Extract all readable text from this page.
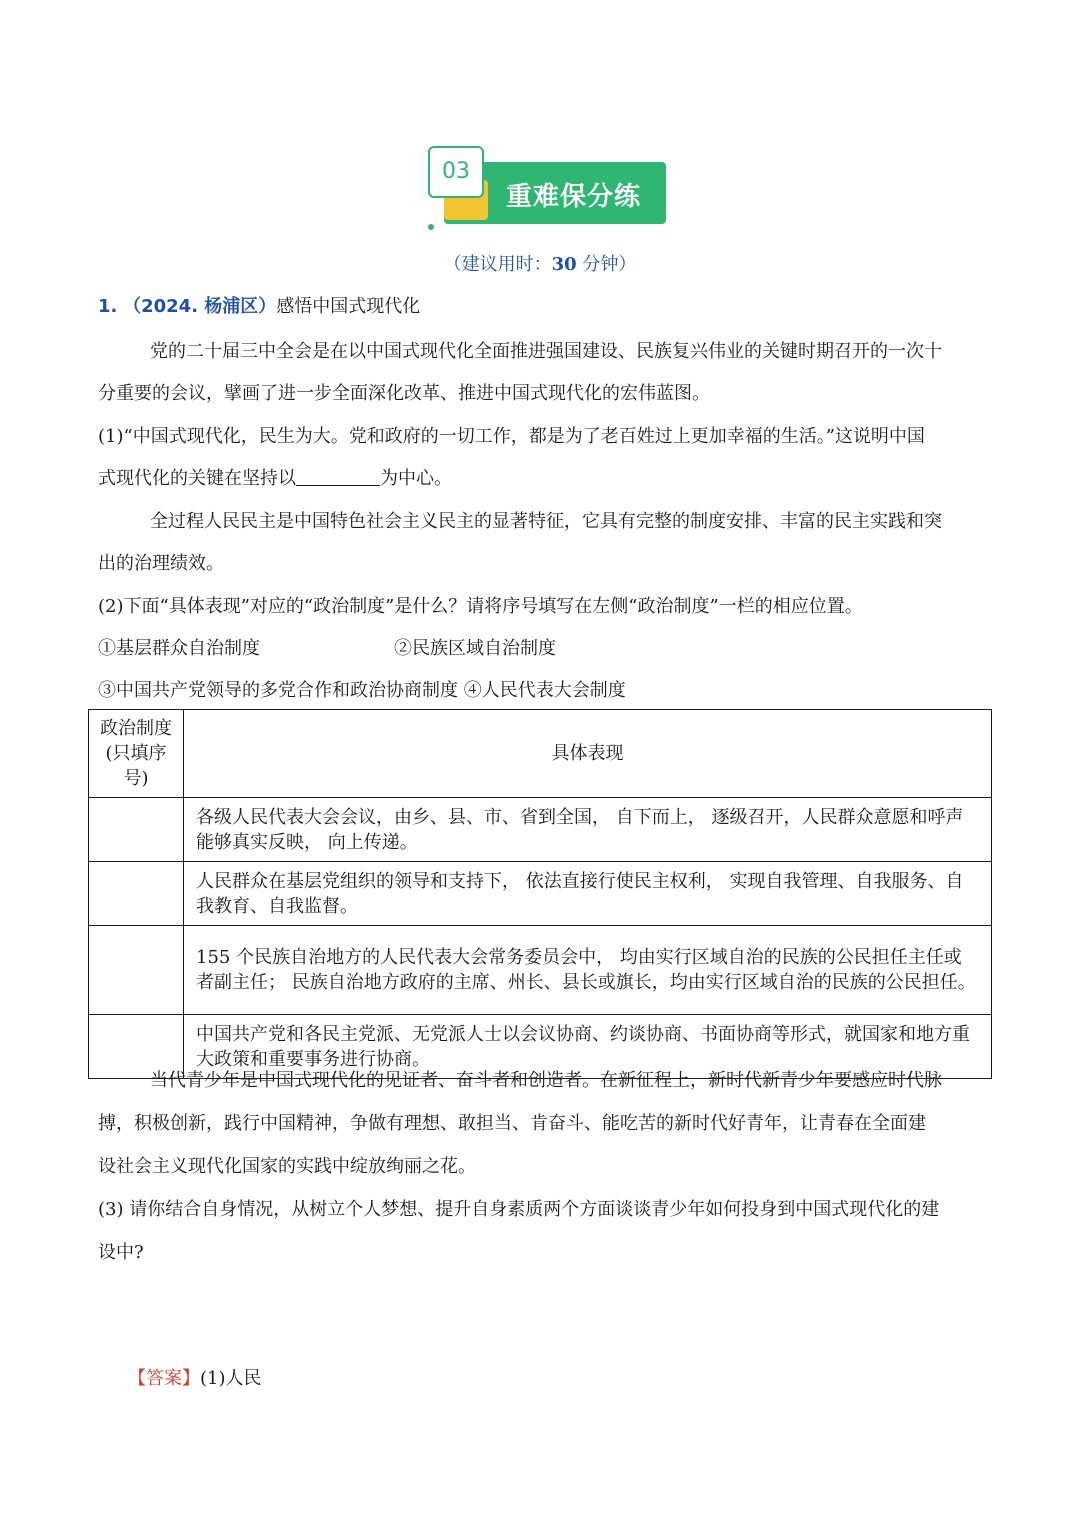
03
重难保分练
（建议用时：30 分钟）
1. （2024. 杨浦区）感悟中国式现代化
党的二十届三中全会是在以中国式现代化全面推进强国建设、民族复兴伟业的关键时期召开的一次十
分重要的会议，擘画了进一步全面深化改革、推进中国式现代化的宏伟蓝图。
(1)“中国式现代化，民生为大。党和政府的一切工作，都是为了老百姓过上更加幸福的生活。”这说明中国
式现代化的关键在坚持以	为中心。
全过程人民民主是中国特色社会主义民主的显著特征，它具有完整的制度安排、丰富的民主实践和突
出的治理绩效。
(2)下面“具体表现”对应的“政治制度”是什么？请将序号填写在左侧“政治制度”一栏的相应位置。
①基层群众自治制度	②民族区域自治制度
③中国共产党领导的多党合作和政治协商制度 ④人民代表大会制度
政治制度
(只填序号)	具体表现
	各级人民代表大会会议，由乡、县、市、省到全国， 自下而上， 逐级召开，人民群众意愿和呼声能够真实反映， 向上传递。
	人民群众在基层党组织的领导和支持下， 依法直接行使民主权利， 实现自我管理、自我服务、自我教育、自我监督。
	155 个民族自治地方的人民代表大会常务委员会中， 均由实行区域自治的民族的公民担任主任或者副主任； 民族自治地方政府的主席、州长、县长或旗长，均由实行区域自治的民族的公民担任。
	中国共产党和各民主党派、无党派人士以会议协商、约谈协商、书面协商等形式，就国家和地方重大政策和重要事务进行协商。
当代青少年是中国式现代化的见证者、奋斗者和创造者。在新征程上，新时代新青少年要感应时代脉
搏，积极创新，践行中国精神，争做有理想、敢担当、肯奋斗、能吃苦的新时代好青年，让青春在全面建
设社会主义现代化国家的实践中绽放绚丽之花。
(3) 请你结合自身情况，从树立个人梦想、提升自身素质两个方面谈谈青少年如何投身到中国式现代化的建
设中?
【答案】(1)人民
